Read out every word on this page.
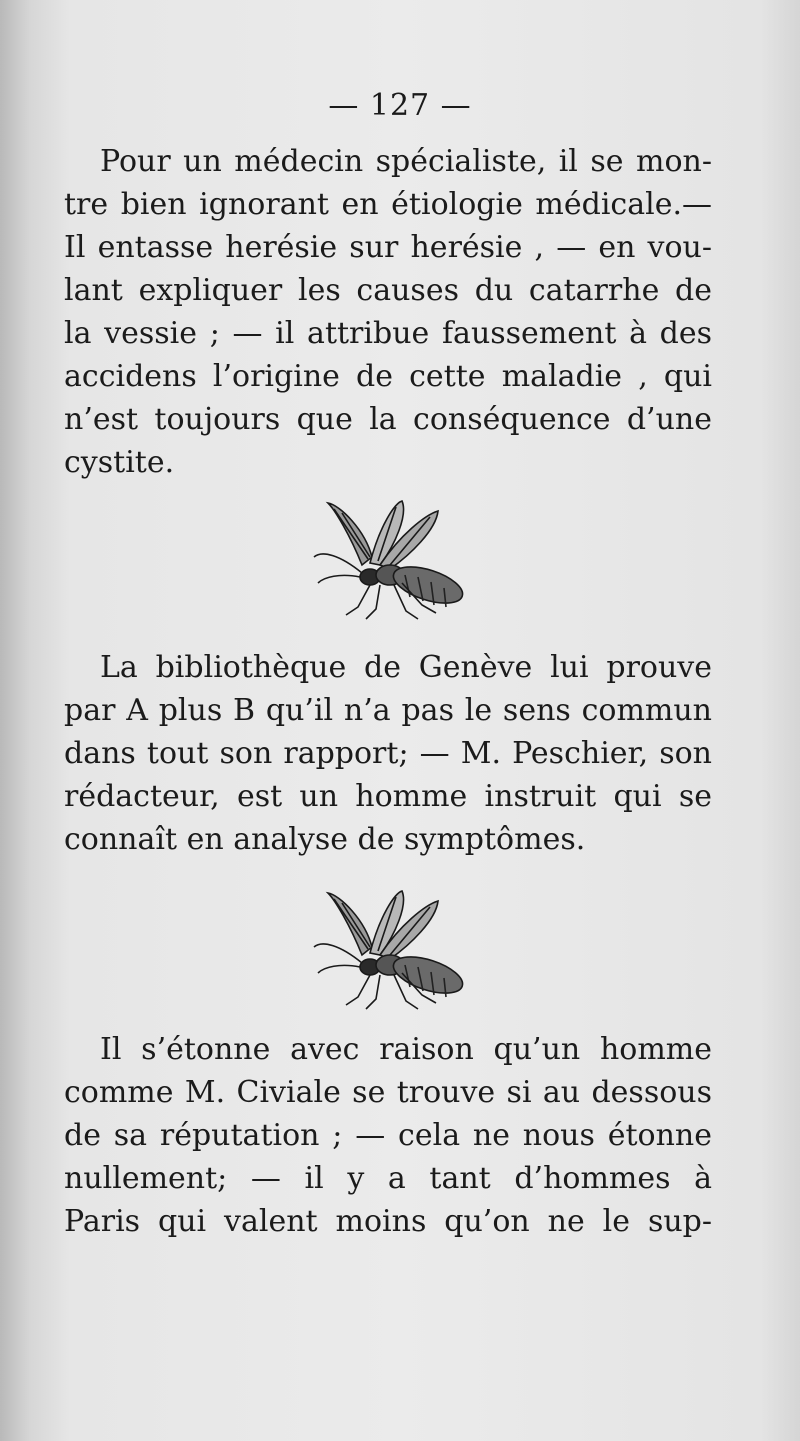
— 127 —
Pour un médecin spécialiste, il se mon-
tre bien ignorant en étiologie médicale.—
Il entasse herésie sur herésie , — en vou-
lant expliquer les causes du catarrhe de
la vessie ; — il attribue faussement à des
accidens l’origine de cette maladie , qui
n’est toujours que la conséquence d’une
cystite.
La bibliothèque de Genève lui prouve
par A plus B qu’il n’a pas le sens commun
dans tout son rapport; — M. Peschier, son
rédacteur, est un homme instruit qui se
connaît en analyse de symptômes.
Il s’étonne avec raison qu’un homme
comme M. Civiale se trouve si au dessous
de sa réputation ; — cela ne nous étonne
nullement; — il y a tant d’hommes à
Paris qui valent moins qu’on ne le sup-
